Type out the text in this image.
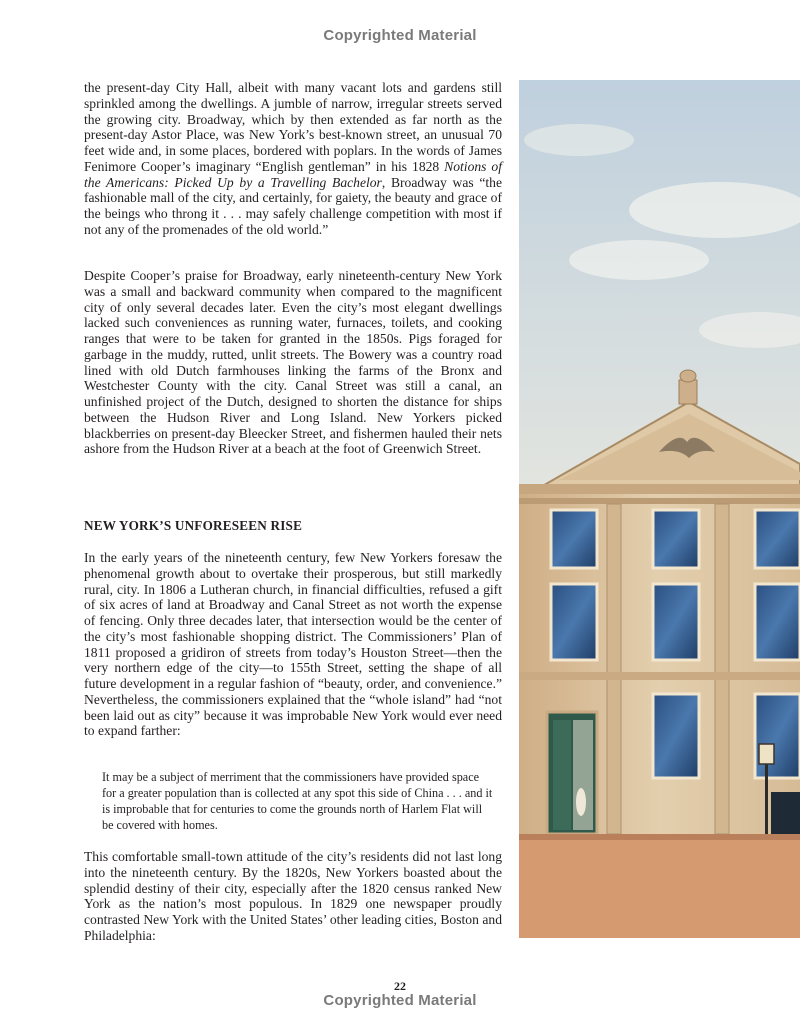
Copyrighted Material

the present-day City Hall, albeit with many vacant lots and gardens still sprinkled among the dwellings. A jumble of narrow, irregular streets served the growing city. Broadway, which by then extended as far north as the present-day Astor Place, was New York’s best-known street, an unusual 70 feet wide and, in some places, bordered with poplars. In the words of James Fenimore Cooper’s imaginary “English gentleman” in his 1828 Notions of the Americans: Picked Up by a Travelling Bachelor, Broadway was “the fashionable mall of the city, and certainly, for gaiety, the beauty and grace of the beings who throng it . . . may safely challenge competition with most if not any of the promenades of the old world.”

Despite Cooper’s praise for Broadway, early nineteenth-century New York was a small and backward community when compared to the magnificent city of only several decades later. Even the city’s most elegant dwellings lacked such conveniences as running water, furnaces, toilets, and cooking ranges that were to be taken for granted in the 1850s. Pigs foraged for garbage in the muddy, rutted, unlit streets. The Bowery was a country road lined with old Dutch farmhouses linking the farms of the Bronx and Westchester County with the city. Canal Street was still a canal, an unfinished project of the Dutch, designed to shorten the distance for ships between the Hudson River and Long Island. New Yorkers picked blackberries on present-day Bleecker Street, and fishermen hauled their nets ashore from the Hudson River at a beach at the foot of Greenwich Street.

NEW YORK’S UNFORESEEN RISE

In the early years of the nineteenth century, few New Yorkers foresaw the phenomenal growth about to overtake their prosperous, but still markedly rural, city. In 1806 a Lutheran church, in financial difficulties, refused a gift of six acres of land at Broadway and Canal Street as not worth the expense of fencing. Only three decades later, that intersection would be the center of the city’s most fashionable shopping district. The Commissioners’ Plan of 1811 proposed a gridiron of streets from today’s Houston Street—then the very northern edge of the city—to 155th Street, setting the shape of all future development in a regular fashion of “beauty, order, and convenience.” Nevertheless, the commissioners explained that the “whole island” had “not been laid out as city” because it was improbable New York would ever need to expand farther:

It may be a subject of merriment that the commissioners have provided space for a greater population than is collected at any spot this side of China . . . and it is improbable that for centuries to come the grounds north of Harlem Flat will be covered with homes.

This comfortable small-town attitude of the city’s residents did not last long into the nineteenth century. By the 1820s, New Yorkers boasted about the splendid destiny of their city, especially after the 1820 census ranked New York as the nation’s most populous. In 1829 one newspaper proudly contrasted New York with the United States’ other leading cities, Boston and Philadelphia:

22
Copyrighted Material
